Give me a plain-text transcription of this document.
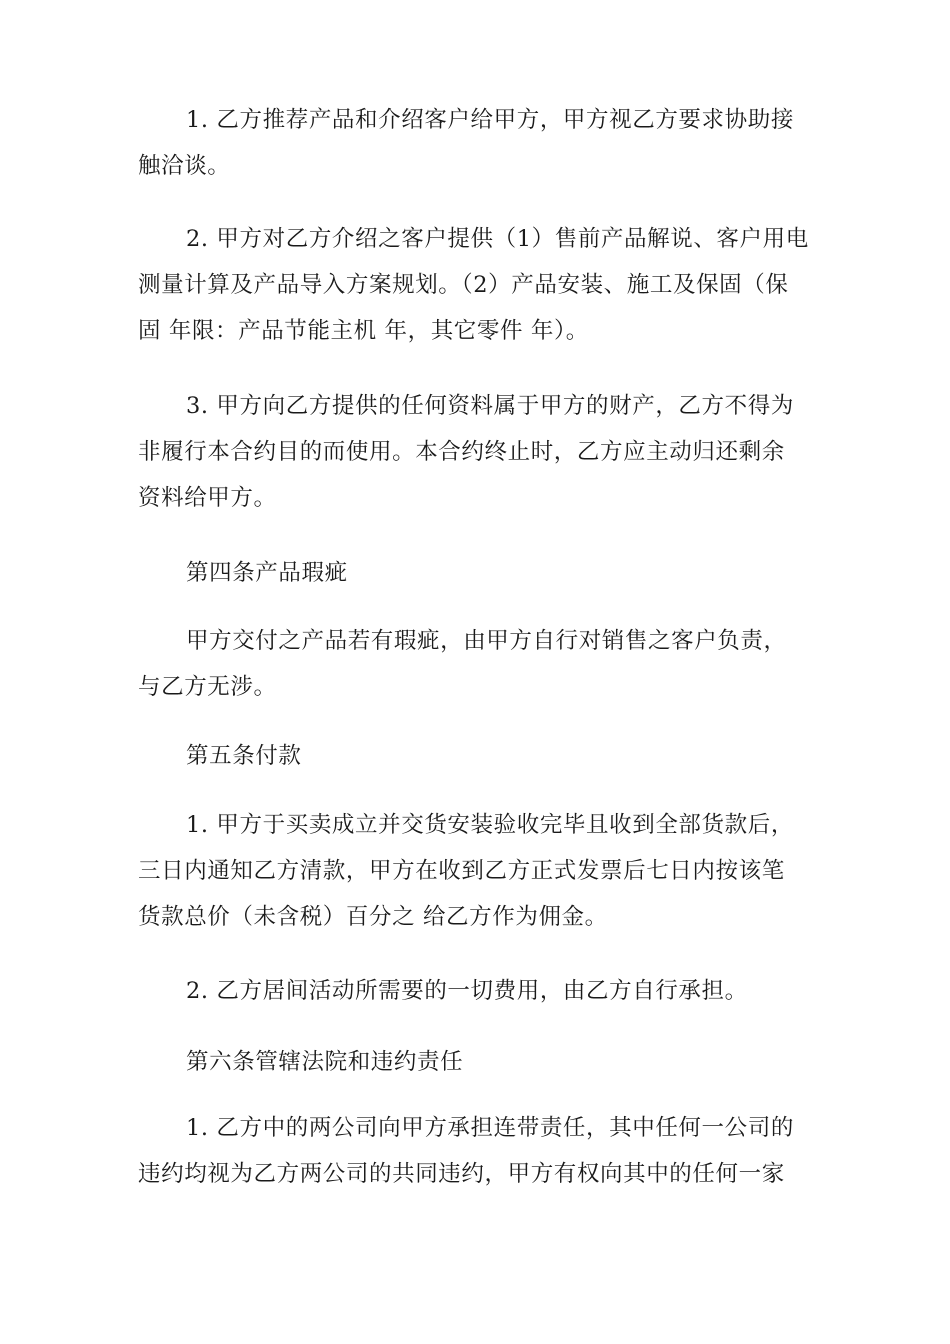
1. 乙方推荐产品和介绍客户给甲方，甲方视乙方要求协助接
触洽谈。
2. 甲方对乙方介绍之客户提供（1）售前产品解说、客户用电
测量计算及产品导入方案规划。（2）产品安装、施工及保固（保
固 年限：产品节能主机 年，其它零件 年）。
3. 甲方向乙方提供的任何资料属于甲方的财产，乙方不得为
非履行本合约目的而使用。本合约终止时，乙方应主动归还剩余
资料给甲方。
第四条产品瑕疵
甲方交付之产品若有瑕疵，由甲方自行对销售之客户负责，
与乙方无涉。
第五条付款
1. 甲方于买卖成立并交货安装验收完毕且收到全部货款后，
三日内通知乙方清款，甲方在收到乙方正式发票后七日内按该笔
货款总价（未含税）百分之 给乙方作为佣金。
2. 乙方居间活动所需要的一切费用，由乙方自行承担。
第六条管辖法院和违约责任
1. 乙方中的两公司向甲方承担连带责任，其中任何一公司的
违约均视为乙方两公司的共同违约，甲方有权向其中的任何一家
